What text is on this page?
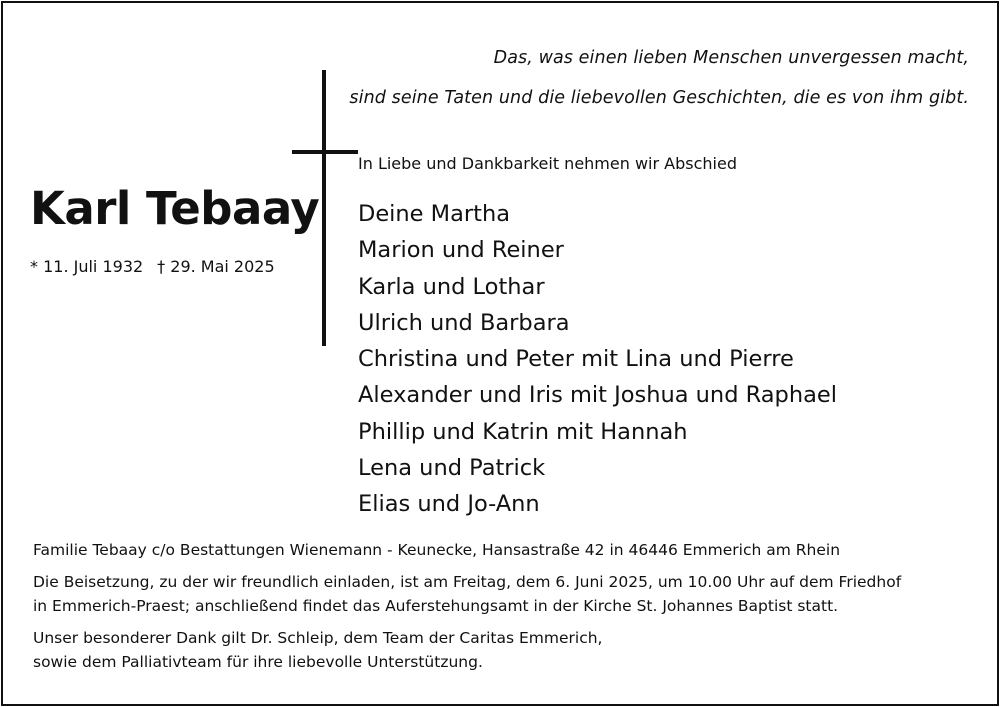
Das, was einen lieben Menschen unvergessen macht,
sind seine Taten und die liebevollen Geschichten, die es von ihm gibt.
In Liebe und Dankbarkeit nehmen wir Abschied
Karl Tebaay
* 11. Juli 1932 † 29. Mai 2025
Deine Martha
Marion und Reiner
Karla und Lothar
Ulrich und Barbara
Christina und Peter mit Lina und Pierre
Alexander und Iris mit Joshua und Raphael
Phillip und Katrin mit Hannah
Lena und Patrick
Elias und Jo-Ann
Familie Tebaay c/o Bestattungen Wienemann - Keunecke, Hansastraße 42 in 46446 Emmerich am Rhein
Die Beisetzung, zu der wir freundlich einladen, ist am Freitag, dem 6. Juni 2025, um 10.00 Uhr auf dem Friedhof
in Emmerich-Praest; anschließend findet das Auferstehungsamt in der Kirche St. Johannes Baptist statt.
Unser besonderer Dank gilt Dr. Schleip, dem Team der Caritas Emmerich,
sowie dem Palliativteam für ihre liebevolle Unterstützung.
